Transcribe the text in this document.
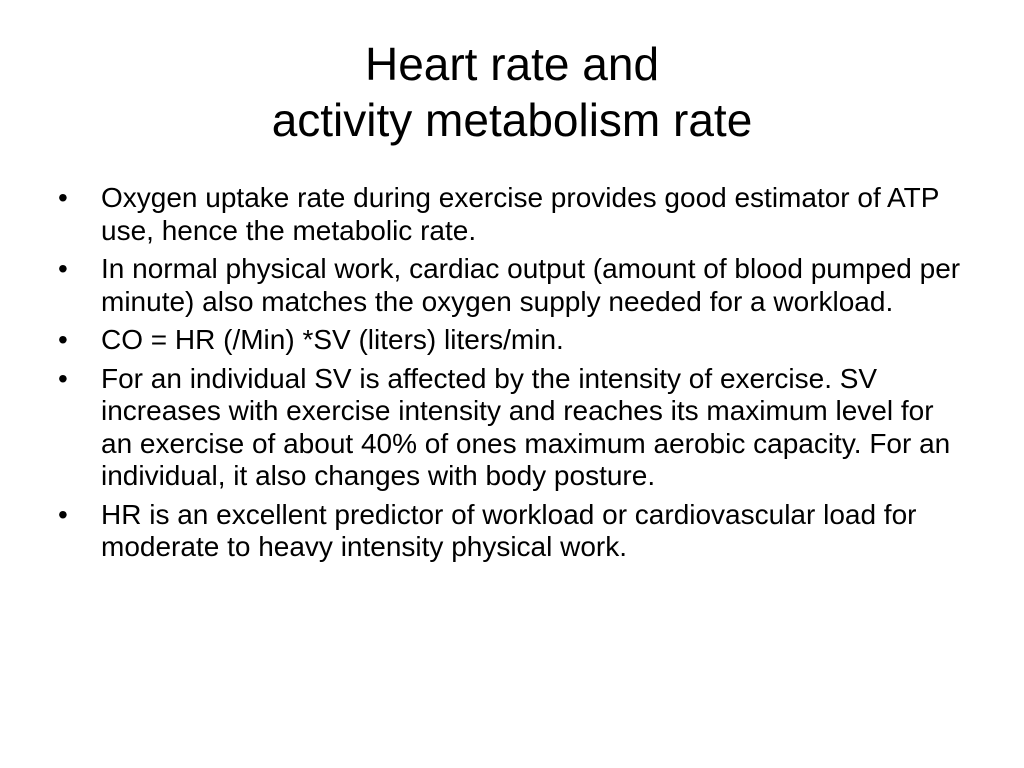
Heart rate and
activity metabolism rate
•	Oxygen uptake rate during exercise provides good estimator of ATP use, hence the metabolic rate.
•	In normal physical work, cardiac output (amount of blood pumped per minute) also matches the oxygen supply needed for a workload.
•	CO = HR (/Min) *SV (liters) liters/min.
•	For an individual SV is affected by the intensity of exercise. SV increases with exercise intensity and reaches its maximum level for an exercise of about 40% of ones maximum aerobic capacity. For an individual, it also changes with body posture.
•	HR is an excellent predictor of workload or cardiovascular load for moderate to heavy intensity physical work.
